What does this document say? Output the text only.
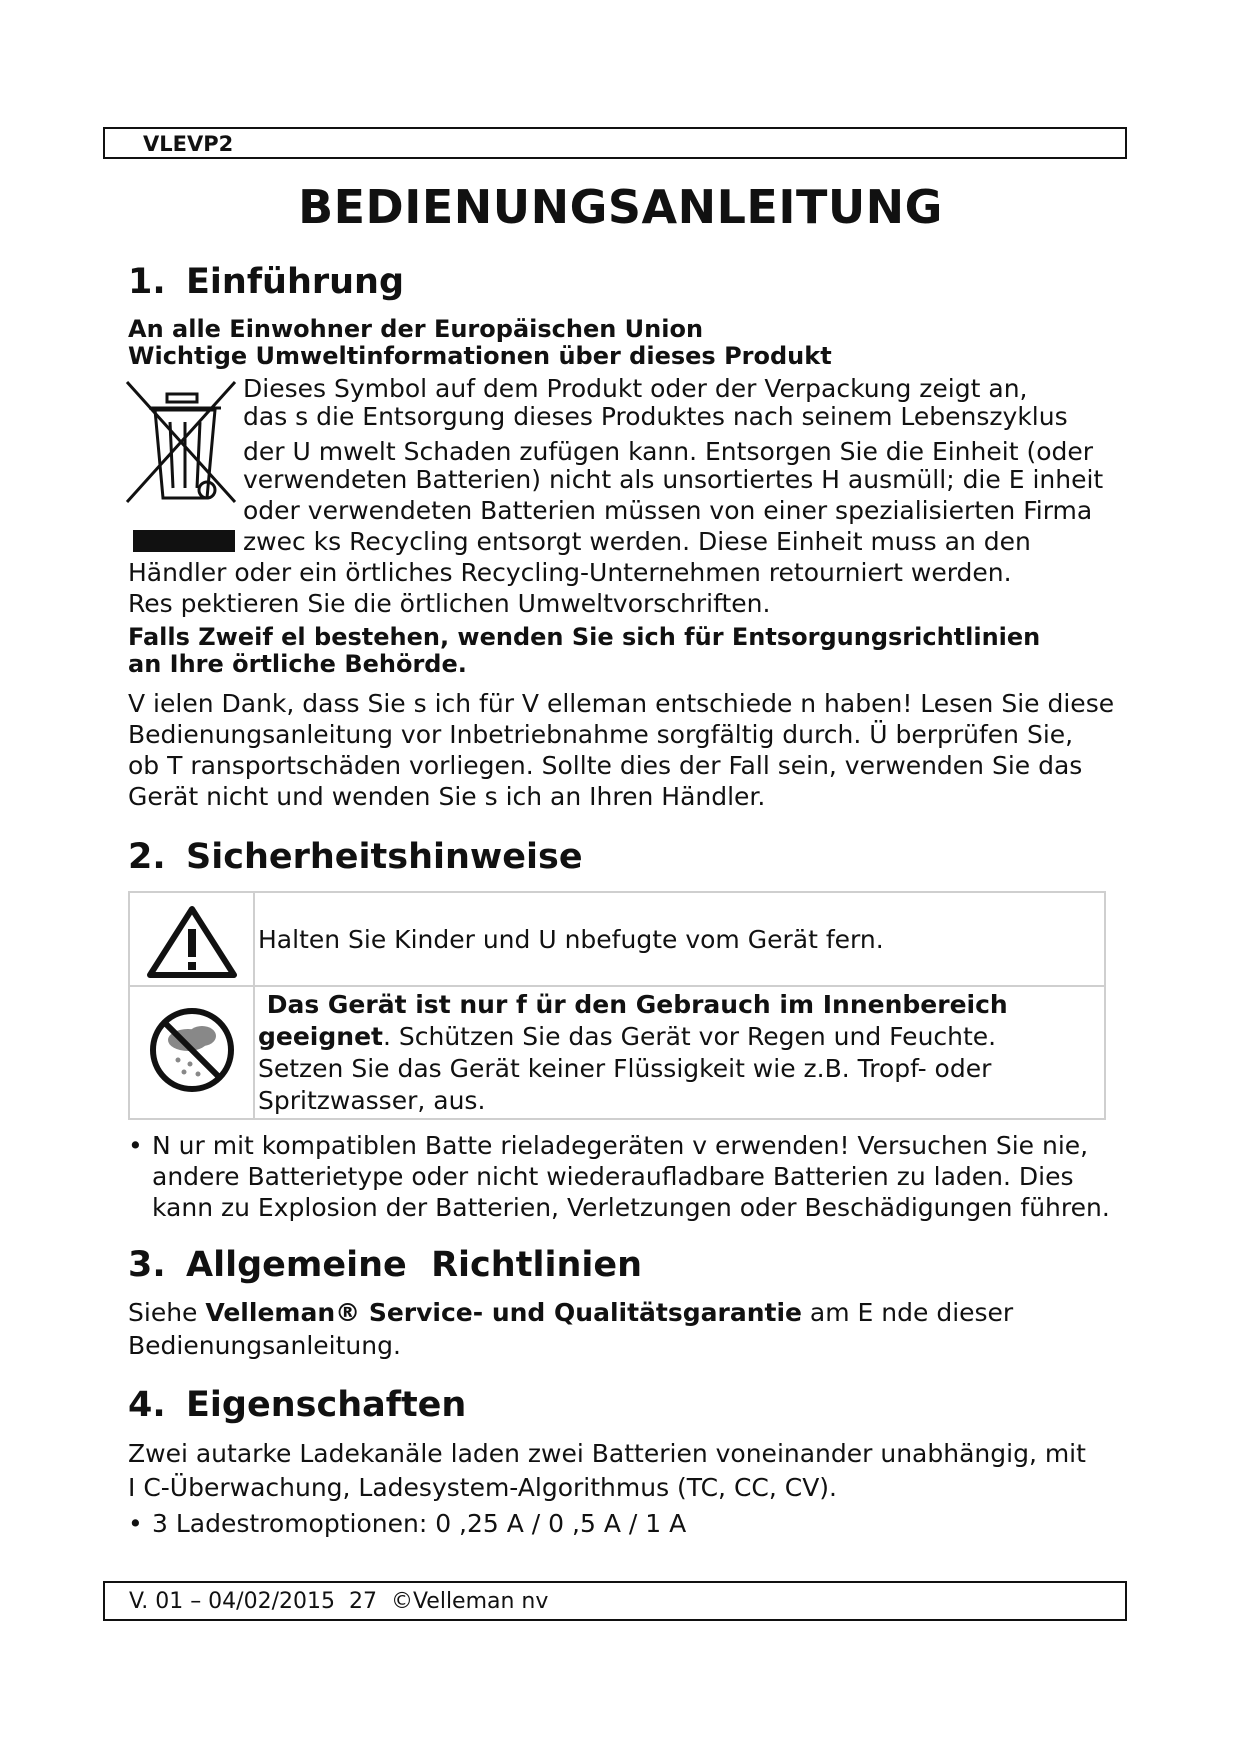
VLEVP2
BEDIENUNGSANLEITUNG
1. Einführung
An alle Einwohner der Europäischen Union
Wichtige Umweltinformationen über dieses Produkt
Dieses Symbol auf dem Produkt oder der Verpackung zeigt an,
das s die Entsorgung dieses Produktes nach seinem Lebenszyklus
der U mwelt Schaden zufügen kann. Entsorgen Sie die Einheit (oder
verwendeten Batterien) nicht als unsortiertes H ausmüll; die E inheit
oder verwendeten Batterien müssen von einer spezialisierten Firma
zwec ks Recycling entsorgt werden. Diese Einheit muss an den
Händler oder ein örtliches Recycling-Unternehmen retourniert werden.
Res pektieren Sie die örtlichen Umweltvorschriften.
Falls Zweif el bestehen, wenden Sie sich für Entsorgungsrichtlinien
an Ihre örtliche Behörde.
V ielen Dank, dass Sie s ich für V elleman entschiede n haben! Lesen Sie diese
Bedienungsanleitung vor Inbetriebnahme sorgfältig durch. Ü berprüfen Sie,
ob T ransportschäden vorliegen. Sollte dies der Fall sein, verwenden Sie das
Gerät nicht und wenden Sie s ich an Ihren Händler.
2. Sicherheitshinweise
Halten Sie Kinder und U nbefugte vom Gerät fern.
Das Gerät ist nur f ür den Gebrauch im Innenbereich
geeignet. Schützen Sie das Gerät vor Regen und Feuchte.
Setzen Sie das Gerät keiner Flüssigkeit wie z.B. Tropf- oder
Spritzwasser, aus.
• N ur mit kompatiblen Batte rieladegeräten v erwenden! Versuchen Sie nie,
andere Batterietype oder nicht wiederaufladbare Batterien zu laden. Dies
kann zu Explosion der Batterien, Verletzungen oder Beschädigungen führen.
3. Allgemeine  Richtlinien
Siehe Velleman® Service- und Qualitätsgarantie am E nde dieser
Bedienungsanleitung.
4. Eigenschaften
Zwei autarke Ladekanäle laden zwei Batterien voneinander unabhängig, mit
I C-Überwachung, Ladesystem-Algorithmus (TC, CC, CV).
• 3 Ladestromoptionen: 0 ,25 A / 0 ,5 A / 1 A
V. 01 – 04/02/2015  27  ©Velleman nv
